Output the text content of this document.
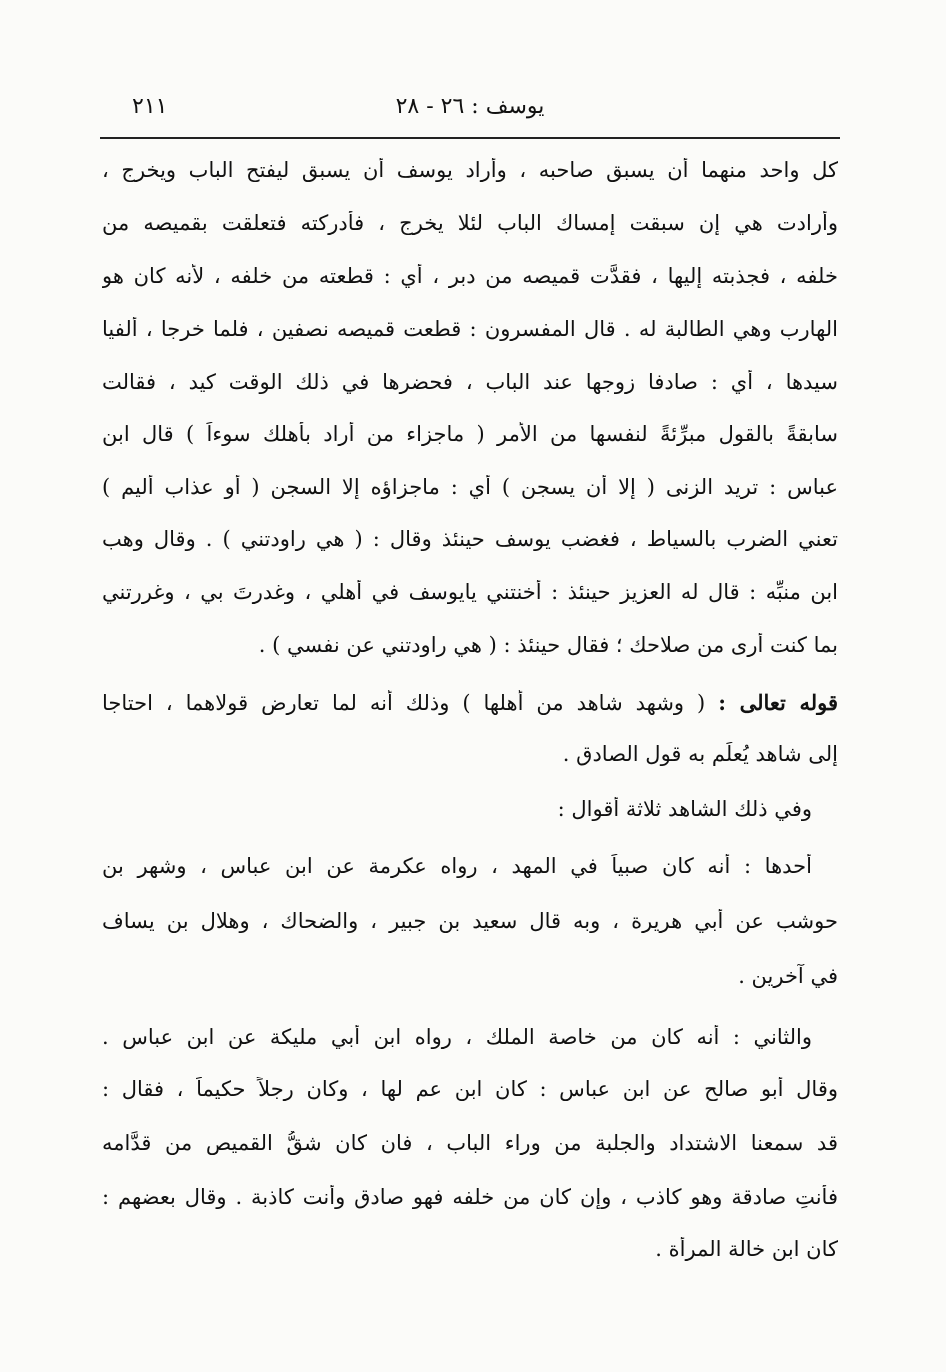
يوسف : ٢٦ - ٢٨
٢١١
كل واحد منهما أن يسبق صاحبه ، وأراد يوسف أن يسبق ليفتح الباب ويخرج ،
وأرادت هي إن سبقت إمساك الباب لئلا يخرج ، فأدركته فتعلقت بقميصه من
خلفه ، فجذبته إليها ، فقدَّت قميصه من دبر ، أي : قطعته من خلفه ، لأنه كان هو
الهارب وهي الطالبة له . قال المفسرون : قطعت قميصه نصفين ، فلما خرجا ، ألفيا
سيدها ، أي : صادفا زوجها عند الباب ، فحضرها في ذلك الوقت كيد ، فقالت
سابقةً بالقول مبرِّئةً لنفسها من الأمر ( ماجزاء من أراد بأهلك سوءاً ) قال ابن
عباس : تريد الزنى ( إلا أن يسجن ) أي : ماجزاؤه إلا السجن ( أو عذاب أليم )
تعني الضرب بالسياط ، فغضب يوسف حينئذ وقال : ( هي راودتني ) . وقال وهب
ابن منبِّه : قال له العزيز حينئذ : أخنتني يايوسف في أهلي ، وغدرتَ بي ، وغررتني
بما كنت أرى من صلاحك ؛ فقال حينئذ : ( هي راودتني عن نفسي ) .
قوله تعالى : ( وشهد شاهد من أهلها ) وذلك أنه لما تعارض قولاهما ، احتاجا
إلى شاهد يُعلَم به قول الصادق .
وفي ذلك الشاهد ثلاثة أقوال :
أحدها : أنه كان صبياً في المهد ، رواه عكرمة عن ابن عباس ، وشهر بن
حوشب عن أبي هريرة ، وبه قال سعيد بن جبير ، والضحاك ، وهلال بن يساف
في آخرين .
والثاني : أنه كان من خاصة الملك ، رواه ابن أبي مليكة عن ابن عباس .
وقال أبو صالح عن ابن عباس : كان ابن عم لها ، وكان رجلاً حكيماً ، فقال :
قد سمعنا الاشتداد والجلبة من وراء الباب ، فان كان شقُّ القميص من قدَّامه
فأنتِ صادقة وهو كاذب ، وإن كان من خلفه فهو صادق وأنت كاذبة . وقال بعضهم :
كان ابن خالة المرأة .
